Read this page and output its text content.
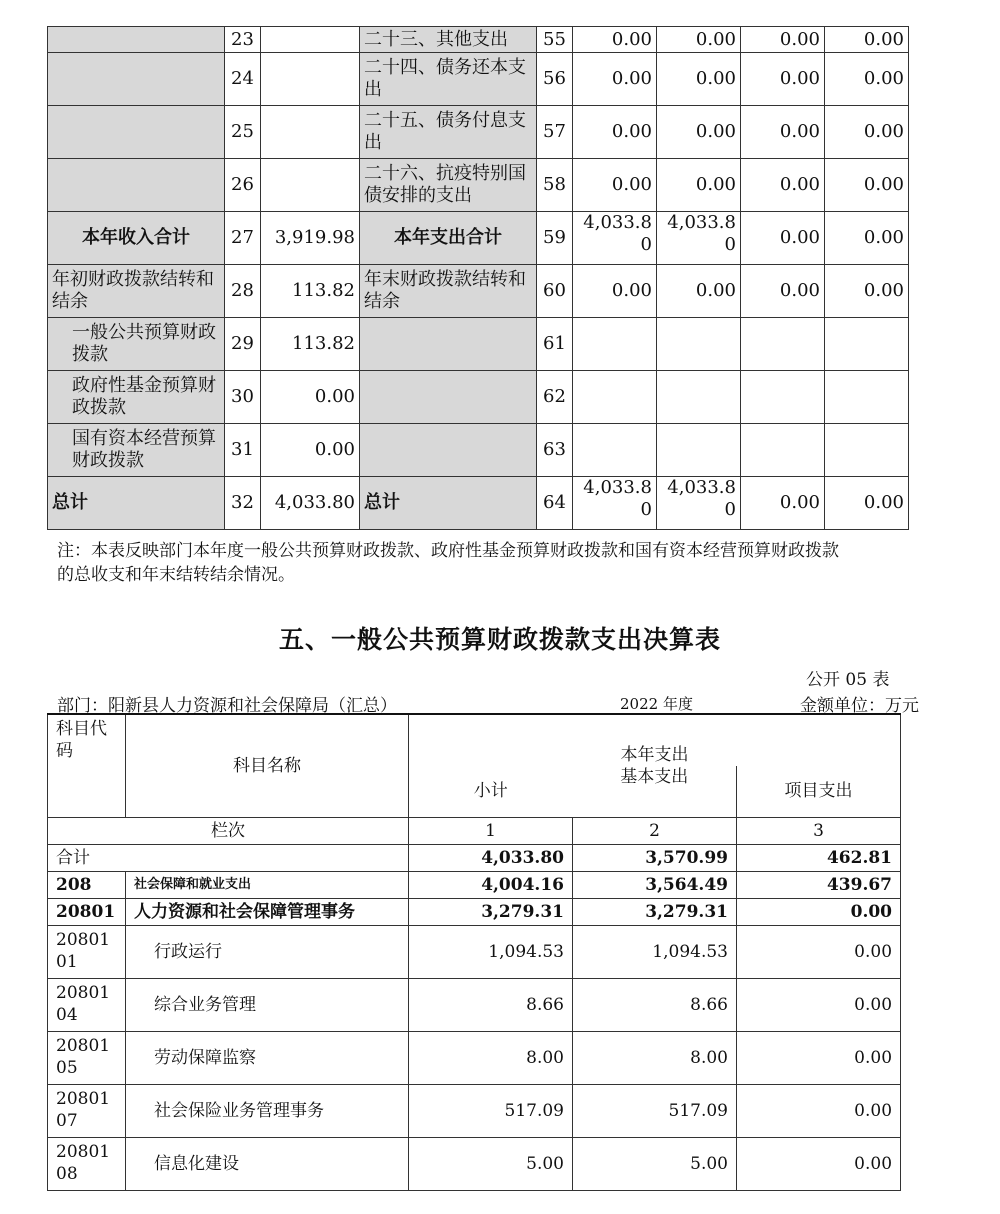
	23		二十三、其他支出	55	0.00	0.00	0.00	0.00
	24		二十四、债务还本支出	56	0.00	0.00	0.00	0.00
	25		二十五、债务付息支出	57	0.00	0.00	0.00	0.00
	26		二十六、抗疫特别国债安排的支出	58	0.00	0.00	0.00	0.00
本年收入合计	27	3,919.98	本年支出合计	59	4,033.80	4,033.80	0.00	0.00
年初财政拨款结转和结余	28	113.82	年末财政拨款结转和结余	60	0.00	0.00	0.00	0.00
一般公共预算财政拨款	29	113.82		61				
政府性基金预算财政拨款	30	0.00		62				
国有资本经营预算财政拨款	31	0.00		63				
总计	32	4,033.80	总计	64	4,033.80	4,033.80	0.00	0.00
注：本表反映部门本年度一般公共预算财政拨款、政府性基金预算财政拨款和国有资本经营预算财政拨款的总收支和年末结转结余情况。
五、一般公共预算财政拨款支出决算表
公开 05 表
部门：阳新县人力资源和社会保障局（汇总）	2022 年度	金额单位：万元
科目代码	科目名称	本年支出		
		小计	基本支出	项目支出
栏次		1	2	3
合计		4,033.80	3,570.99	462.81
208	社会保障和就业支出	4,004.16	3,564.49	439.67
20801	人力资源和社会保障管理事务	3,279.31	3,279.31	0.00
2080101	行政运行	1,094.53	1,094.53	0.00
2080104	综合业务管理	8.66	8.66	0.00
2080105	劳动保障监察	8.00	8.00	0.00
2080107	社会保险业务管理事务	517.09	517.09	0.00
2080108	信息化建设	5.00	5.00	0.00
